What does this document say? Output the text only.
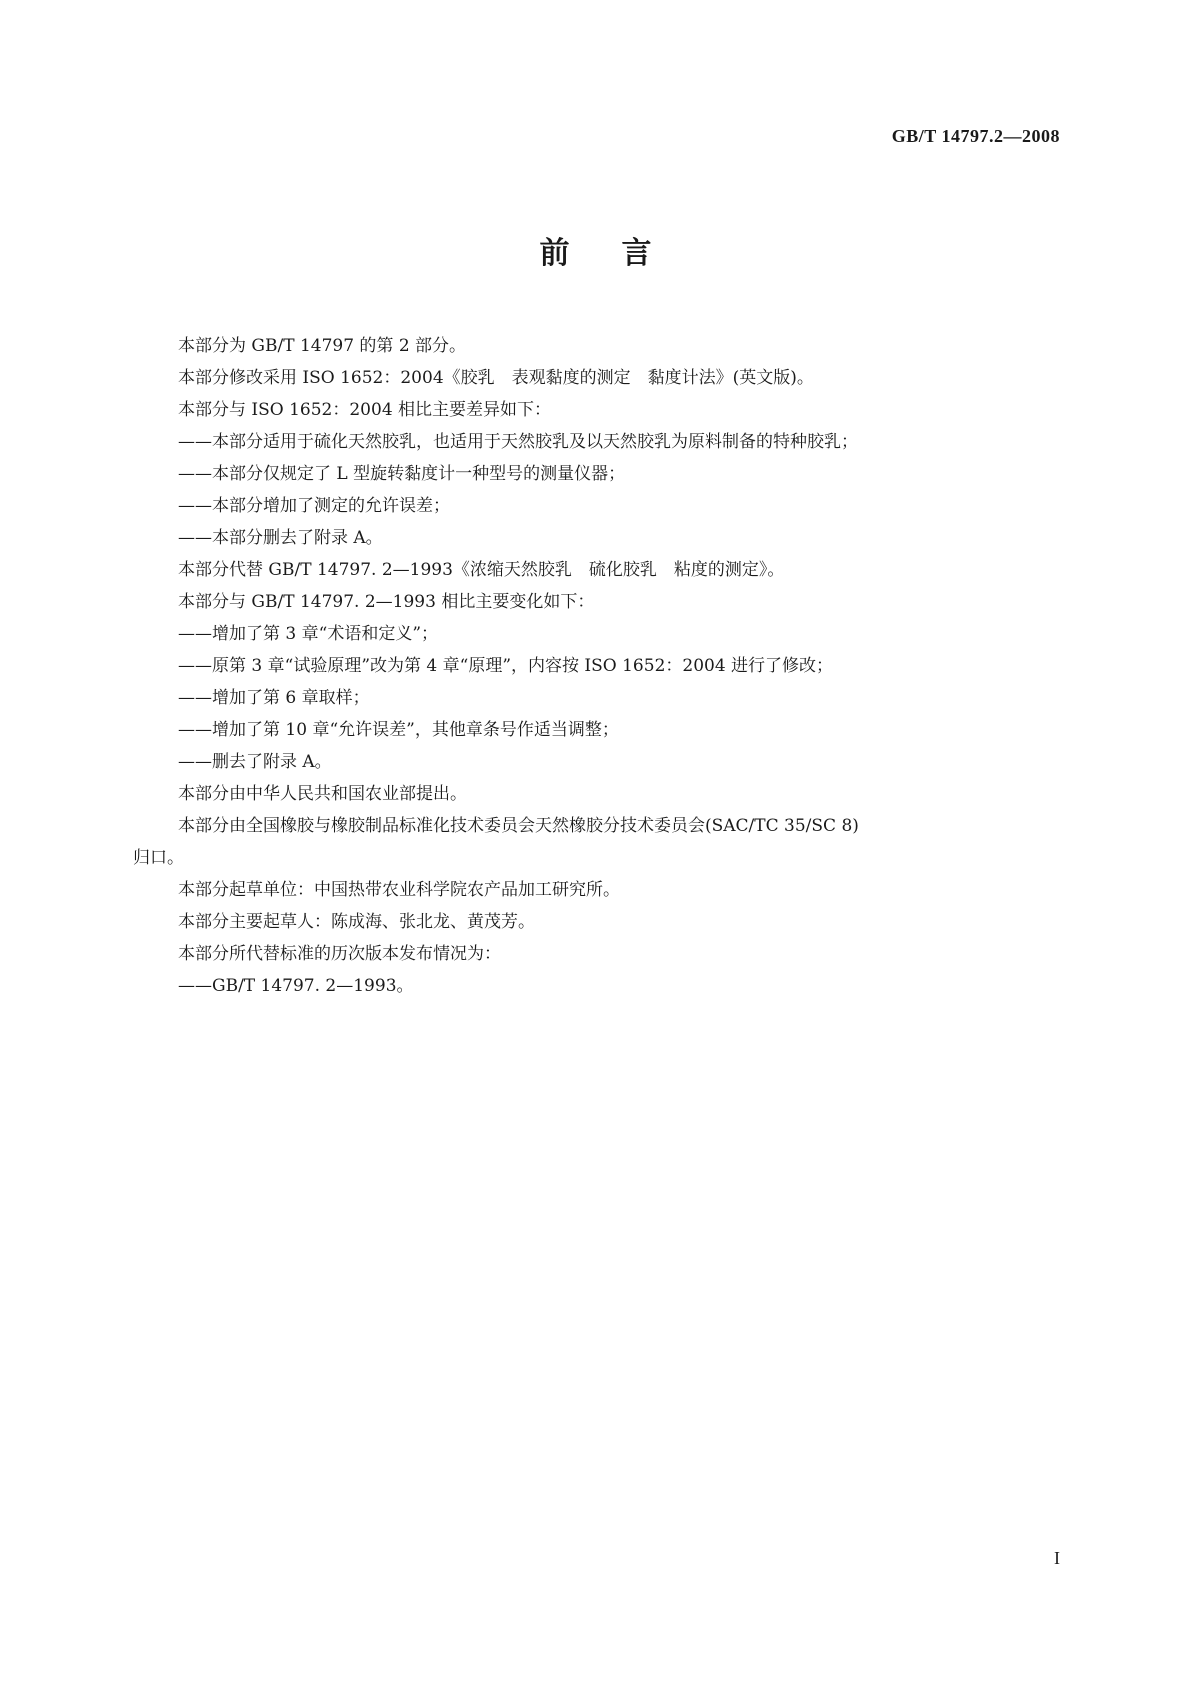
GB/T 14797.2—2008
前 言
本部分为 GB/T 14797 的第 2 部分。
本部分修改采用 ISO 1652：2004《胶乳　表观黏度的测定　黏度计法》(英文版)。
本部分与 ISO 1652：2004 相比主要差异如下：
——本部分适用于硫化天然胶乳，也适用于天然胶乳及以天然胶乳为原料制备的特种胶乳；
——本部分仅规定了 L 型旋转黏度计一种型号的测量仪器；
——本部分增加了测定的允许误差；
——本部分删去了附录 A。
本部分代替 GB/T 14797. 2—1993《浓缩天然胶乳　硫化胶乳　粘度的测定》。
本部分与 GB/T 14797. 2—1993 相比主要变化如下：
——增加了第 3 章“术语和定义”；
——原第 3 章“试验原理”改为第 4 章“原理”，内容按 ISO 1652：2004 进行了修改；
——增加了第 6 章取样；
——增加了第 10 章“允许误差”，其他章条号作适当调整；
——删去了附录 A。
本部分由中华人民共和国农业部提出。
本部分由全国橡胶与橡胶制品标准化技术委员会天然橡胶分技术委员会(SAC/TC 35/SC 8)
归口。
本部分起草单位：中国热带农业科学院农产品加工研究所。
本部分主要起草人：陈成海、张北龙、黄茂芳。
本部分所代替标准的历次版本发布情况为：
——GB/T 14797. 2—1993。
I
